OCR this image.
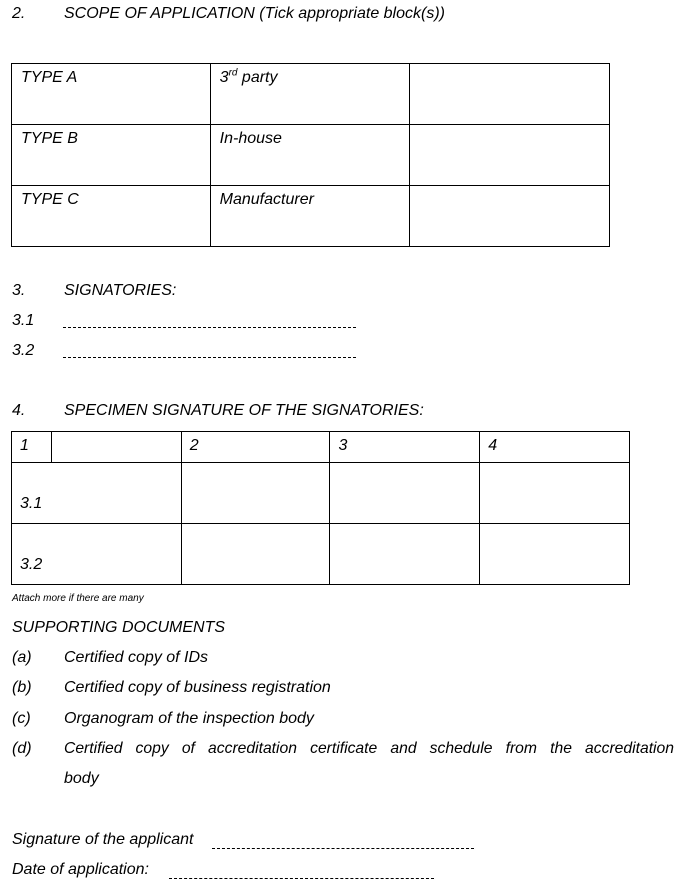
2. SCOPE OF APPLICATION (Tick appropriate block(s))
TYPE A	3rd party	

TYPE B	In-house	

TYPE C	Manufacturer	

3. SIGNATORIES:
3.1
3.2
4. SPECIMEN SIGNATURE OF THE SIGNATORIES:
1		2	3	4

3.1				

3.2				

Attach more if there are many
SUPPORTING DOCUMENTS
(a) Certified copy of IDs
(b) Certified copy of business registration
(c) Organogram of the inspection body
(d) Certified copy of accreditation certificate and schedule from the accreditation
body
Signature of the applicant
Date of application:
